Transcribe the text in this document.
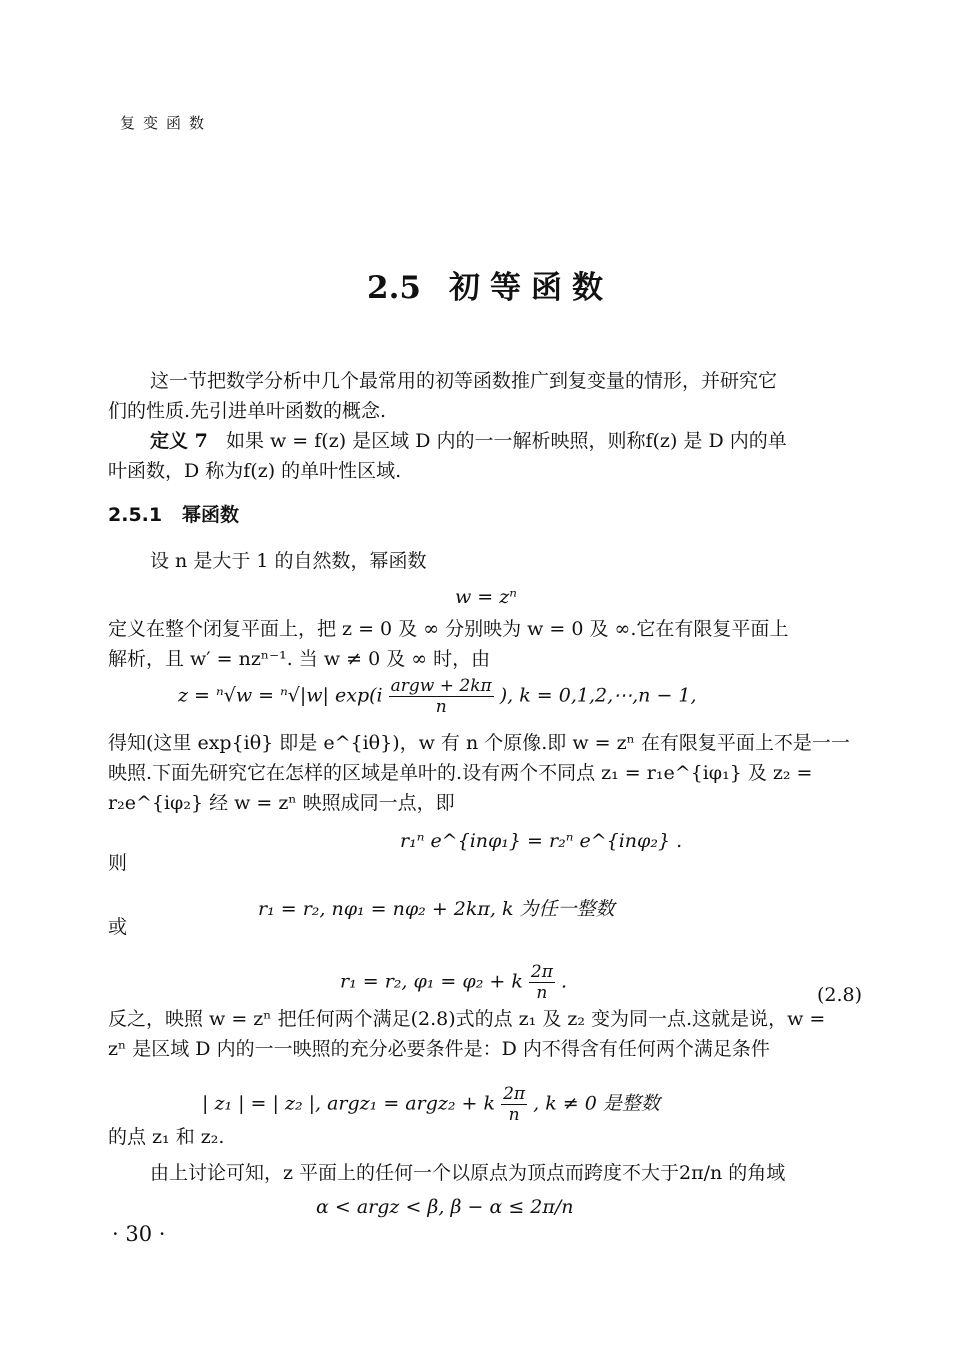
复变函数
2.5 初等函数
这一节把数学分析中几个最常用的初等函数推广到复变量的情形，并研究它
们的性质.先引进单叶函数的概念.
定义 7 如果 w = f(z) 是区域 D 内的一一解析映照，则称f(z) 是 D 内的单
叶函数，D 称为f(z) 的单叶性区域.
2.5.1 幂函数
设 n 是大于 1 的自然数，幂函数
w = zⁿ
定义在整个闭复平面上，把 z = 0 及 ∞ 分别映为 w = 0 及 ∞.它在有限复平面上
解析，且 w′ = nzⁿ⁻¹. 当 w ≠ 0 及 ∞ 时，由
z = ⁿ√w = ⁿ√|w| $\exp(i \frac{\text{argw + 2kπ}}{n}$ ), k = 0,1,2,⋯,n − 1,
得知(这里 exp{iθ} 即是 e^{iθ})，w 有 n 个原像.即 w = zⁿ 在有限复平面上不是一一
映照.下面先研究它在怎样的区域是单叶的.设有两个不同点 z₁ = r₁e^{iφ₁} 及 z₂ =
r₂e^{iφ₂} 经 w = zⁿ 映照成同一点，即
r₁ⁿ e^{inφ₁} = r₂ⁿ e^{inφ₂} .
则
r₁ = r₂, nφ₁ = nφ₂ + 2kπ, k 为任一整数
或
r₁ = r₂, φ₁ = φ₂ + k $\frac{2\pi}{n}$ .
(2.8)
反之，映照 w = zⁿ 把任何两个满足(2.8)式的点 z₁ 及 z₂ 变为同一点.这就是说，w =
zⁿ 是区域 D 内的一一映照的充分必要条件是：D 内不得含有任何两个满足条件
| z₁ | = | z₂ |, argz₁ = argz₂ + k $\frac{2\pi}{n}$ , k ≠ 0 是整数
的点 z₁ 和 z₂.
由上讨论可知，z 平面上的任何一个以原点为顶点而跨度不大于2π/n 的角域
α < argz < β, β − α ≤ 2π/n
· 30 ·
